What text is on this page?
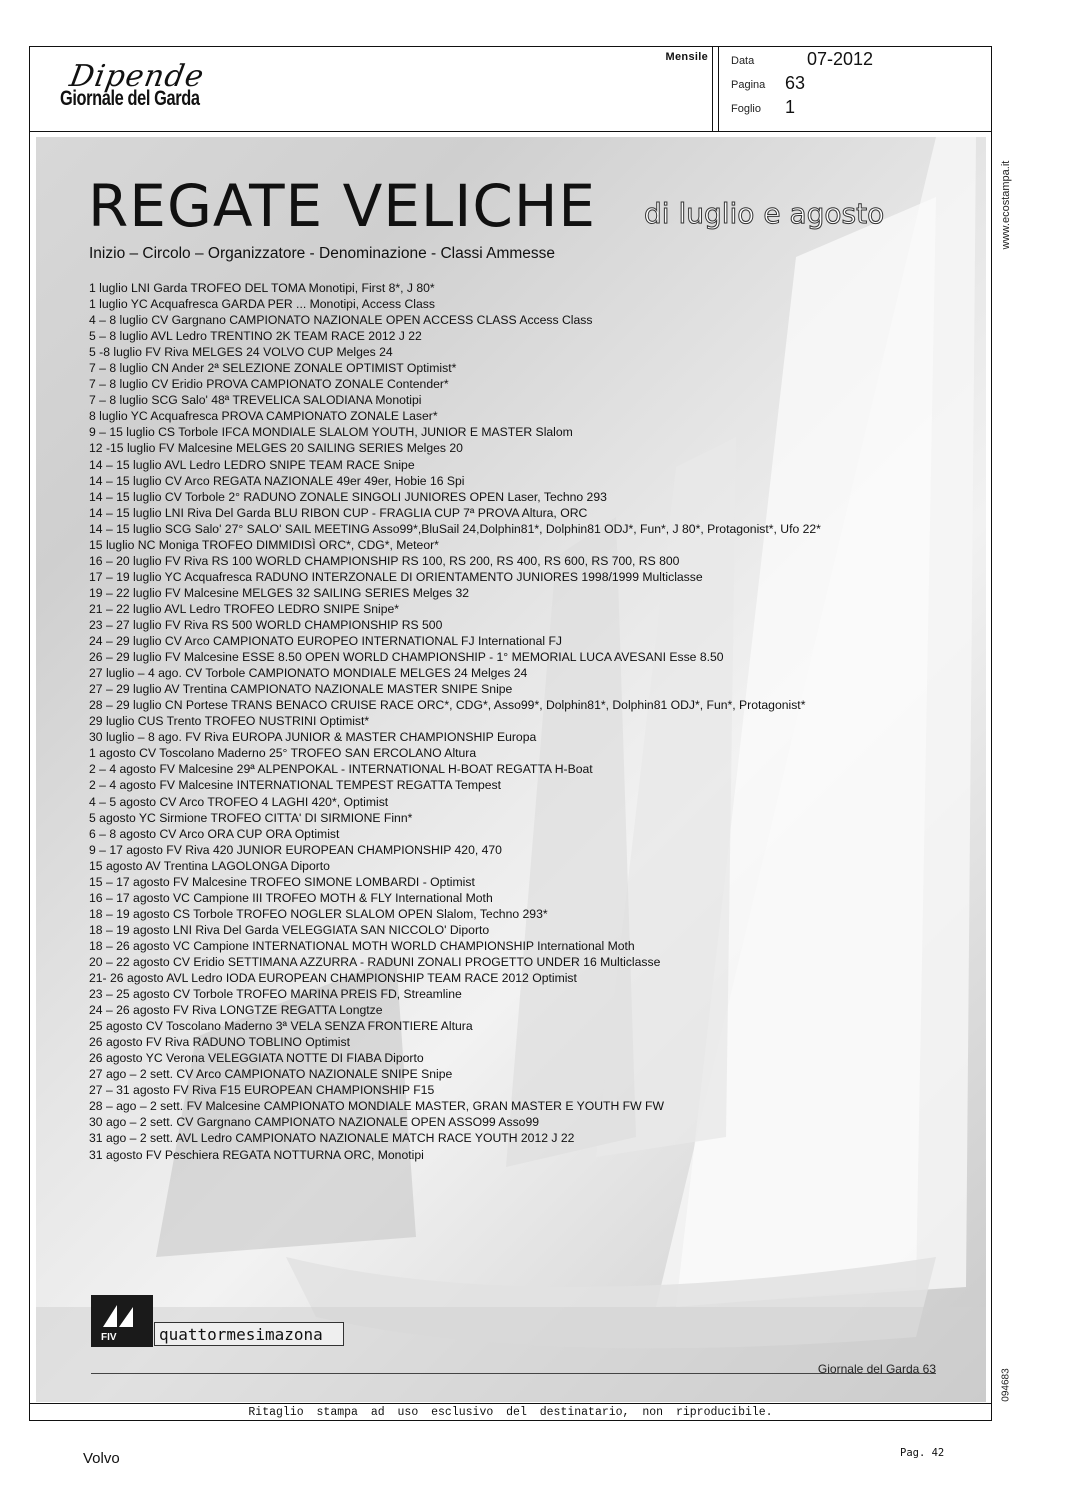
Dipende
Giornale del Garda
Mensile Data	07-2012
Pagina 63
Foglio 1
REGATE VELICHE di luglio e agosto
Inizio – Circolo – Organizzatore - Denominazione - Classi Ammesse
1 luglio LNI Garda TROFEO DEL TOMA Monotipi, First 8*, J 80*
1 luglio YC Acquafresca GARDA PER ... Monotipi, Access Class
4 – 8 luglio CV Gargnano CAMPIONATO NAZIONALE OPEN ACCESS CLASS Access Class
5 – 8 luglio AVL Ledro TRENTINO 2K TEAM RACE 2012 J 22
5 -8 luglio FV Riva MELGES 24 VOLVO CUP Melges 24
7 – 8 luglio CN Ander 2ª SELEZIONE ZONALE OPTIMIST Optimist*
7 – 8 luglio CV Eridio PROVA CAMPIONATO ZONALE Contender*
7 – 8 luglio SCG Salo' 48ª TREVELICA SALODIANA Monotipi
8 luglio YC Acquafresca PROVA CAMPIONATO ZONALE Laser*
9 – 15 luglio CS Torbole IFCA MONDIALE SLALOM YOUTH, JUNIOR E MASTER Slalom
12 -15 luglio FV Malcesine MELGES 20 SAILING SERIES Melges 20
14 – 15 luglio AVL Ledro LEDRO SNIPE TEAM RACE Snipe
14 – 15 luglio CV Arco REGATA NAZIONALE 49er 49er, Hobie 16 Spi
14 – 15 luglio CV Torbole 2° RADUNO ZONALE SINGOLI JUNIORES OPEN Laser, Techno 293
14 – 15 luglio LNI Riva Del Garda BLU RIBON CUP - FRAGLIA CUP 7ª PROVA Altura, ORC
14 – 15 luglio SCG Salo' 27° SALO' SAIL MEETING Asso99*,BluSail 24,Dolphin81*, Dolphin81 ODJ*, Fun*, J 80*, Protagonist*, Ufo 22*
15 luglio NC Moniga TROFEO DIMMIDISÌ ORC*, CDG*, Meteor*
16 – 20 luglio FV Riva RS 100 WORLD CHAMPIONSHIP RS 100, RS 200, RS 400, RS 600, RS 700, RS 800
17 – 19 luglio YC Acquafresca RADUNO INTERZONALE DI ORIENTAMENTO JUNIORES 1998/1999 Multiclasse
19 – 22 luglio FV Malcesine MELGES 32 SAILING SERIES Melges 32
21 – 22 luglio AVL Ledro TROFEO LEDRO SNIPE Snipe*
23 – 27 luglio FV Riva RS 500 WORLD CHAMPIONSHIP RS 500
24 – 29 luglio CV Arco CAMPIONATO EUROPEO INTERNATIONAL FJ International FJ
26 – 29 luglio FV Malcesine ESSE 8.50 OPEN WORLD CHAMPIONSHIP - 1° MEMORIAL LUCA AVESANI Esse 8.50
27 luglio – 4 ago. CV Torbole CAMPIONATO MONDIALE MELGES 24 Melges 24
27 – 29 luglio AV Trentina CAMPIONATO NAZIONALE MASTER SNIPE Snipe
28 – 29 luglio CN Portese TRANS BENACO CRUISE RACE ORC*, CDG*, Asso99*, Dolphin81*, Dolphin81 ODJ*, Fun*, Protagonist*
29 luglio CUS Trento TROFEO NUSTRINI Optimist*
30 luglio – 8 ago. FV Riva EUROPA JUNIOR & MASTER CHAMPIONSHIP Europa
1 agosto CV Toscolano Maderno 25° TROFEO SAN ERCOLANO Altura
2 – 4 agosto FV Malcesine 29ª ALPENPOKAL - INTERNATIONAL H-BOAT REGATTA H-Boat
2 – 4 agosto FV Malcesine INTERNATIONAL TEMPEST REGATTA Tempest
4 – 5 agosto CV Arco TROFEO 4 LAGHI 420*, Optimist
5 agosto YC Sirmione TROFEO CITTA' DI SIRMIONE Finn*
6 – 8 agosto CV Arco ORA CUP ORA Optimist
9 – 17 agosto FV Riva 420 JUNIOR EUROPEAN CHAMPIONSHIP 420, 470
15 agosto AV Trentina LAGOLONGA Diporto
15 – 17 agosto FV Malcesine TROFEO SIMONE LOMBARDI - Optimist
16 – 17 agosto VC Campione III TROFEO MOTH & FLY International Moth
18 – 19 agosto CS Torbole TROFEO NOGLER SLALOM OPEN Slalom, Techno 293*
18 – 19 agosto LNI Riva Del Garda VELEGGIATA SAN NICCOLO' Diporto
18 – 26 agosto VC Campione INTERNATIONAL MOTH WORLD CHAMPIONSHIP International Moth
20 – 22 agosto CV Eridio SETTIMANA AZZURRA - RADUNI ZONALI PROGETTO UNDER 16 Multiclasse
21- 26 agosto AVL Ledro IODA EUROPEAN CHAMPIONSHIP TEAM RACE 2012 Optimist
23 – 25 agosto CV Torbole TROFEO MARINA PREIS FD, Streamline
24 – 26 agosto FV Riva LONGTZE REGATTA Longtze
25 agosto CV Toscolano Maderno 3ª VELA SENZA FRONTIERE Altura
26 agosto FV Riva RADUNO TOBLINO Optimist
26 agosto YC Verona VELEGGIATA NOTTE DI FIABA Diporto
27 ago – 2 sett. CV Arco CAMPIONATO NAZIONALE SNIPE Snipe
27 – 31 agosto FV Riva F15 EUROPEAN CHAMPIONSHIP F15
28 – ago – 2 sett. FV Malcesine CAMPIONATO MONDIALE MASTER, GRAN MASTER E YOUTH FW FW
30 ago – 2 sett. CV Gargnano CAMPIONATO NAZIONALE OPEN ASSO99 Asso99
31 ago – 2 sett. AVL Ledro CAMPIONATO NAZIONALE MATCH RACE YOUTH 2012 J 22
31 agosto FV Peschiera REGATA NOTTURNA ORC, Monotipi
FIV	quattormesimazona
Giornale del Garda 63
Ritaglio stampa ad uso esclusivo del destinatario, non riproducibile.
www.ecostampa.it
094683
Volvo	Pag. 42
